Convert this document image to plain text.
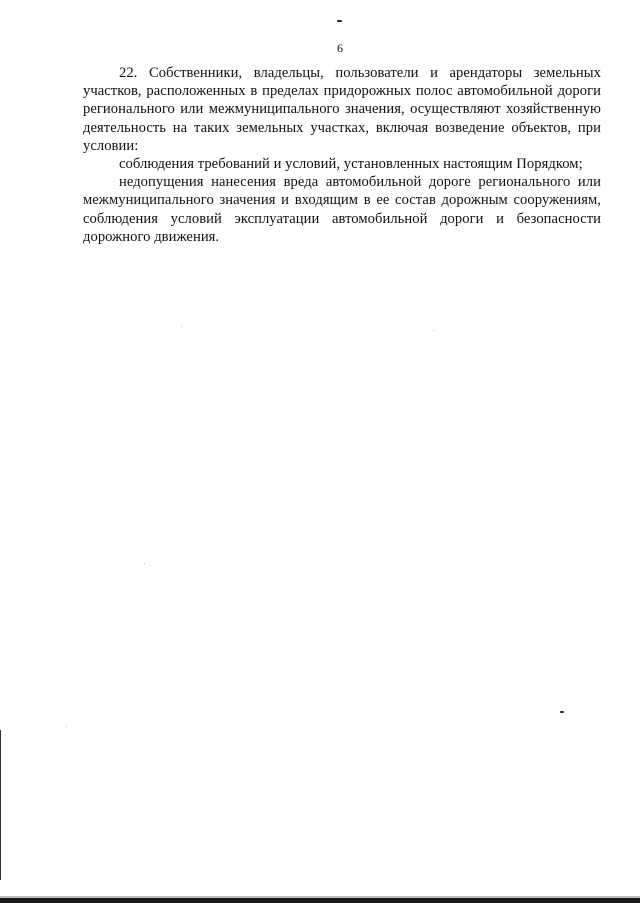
6

22. Собственники, владельцы, пользователи и арендаторы земельных участков, расположенных в пределах придорожных полос автомобильной дороги регионального или межмуниципального значения, осуществляют хозяйственную деятельность на таких земельных участках, включая возведение объектов, при условии:

соблюдения требований и условий, установленных настоящим Порядком;

недопущения нанесения вреда автомобильной дороге регионального или межмуниципального значения и входящим в ее состав дорожным сооружениям, соблюдения условий эксплуатации автомобильной дороги и безопасности дорожного движения.
